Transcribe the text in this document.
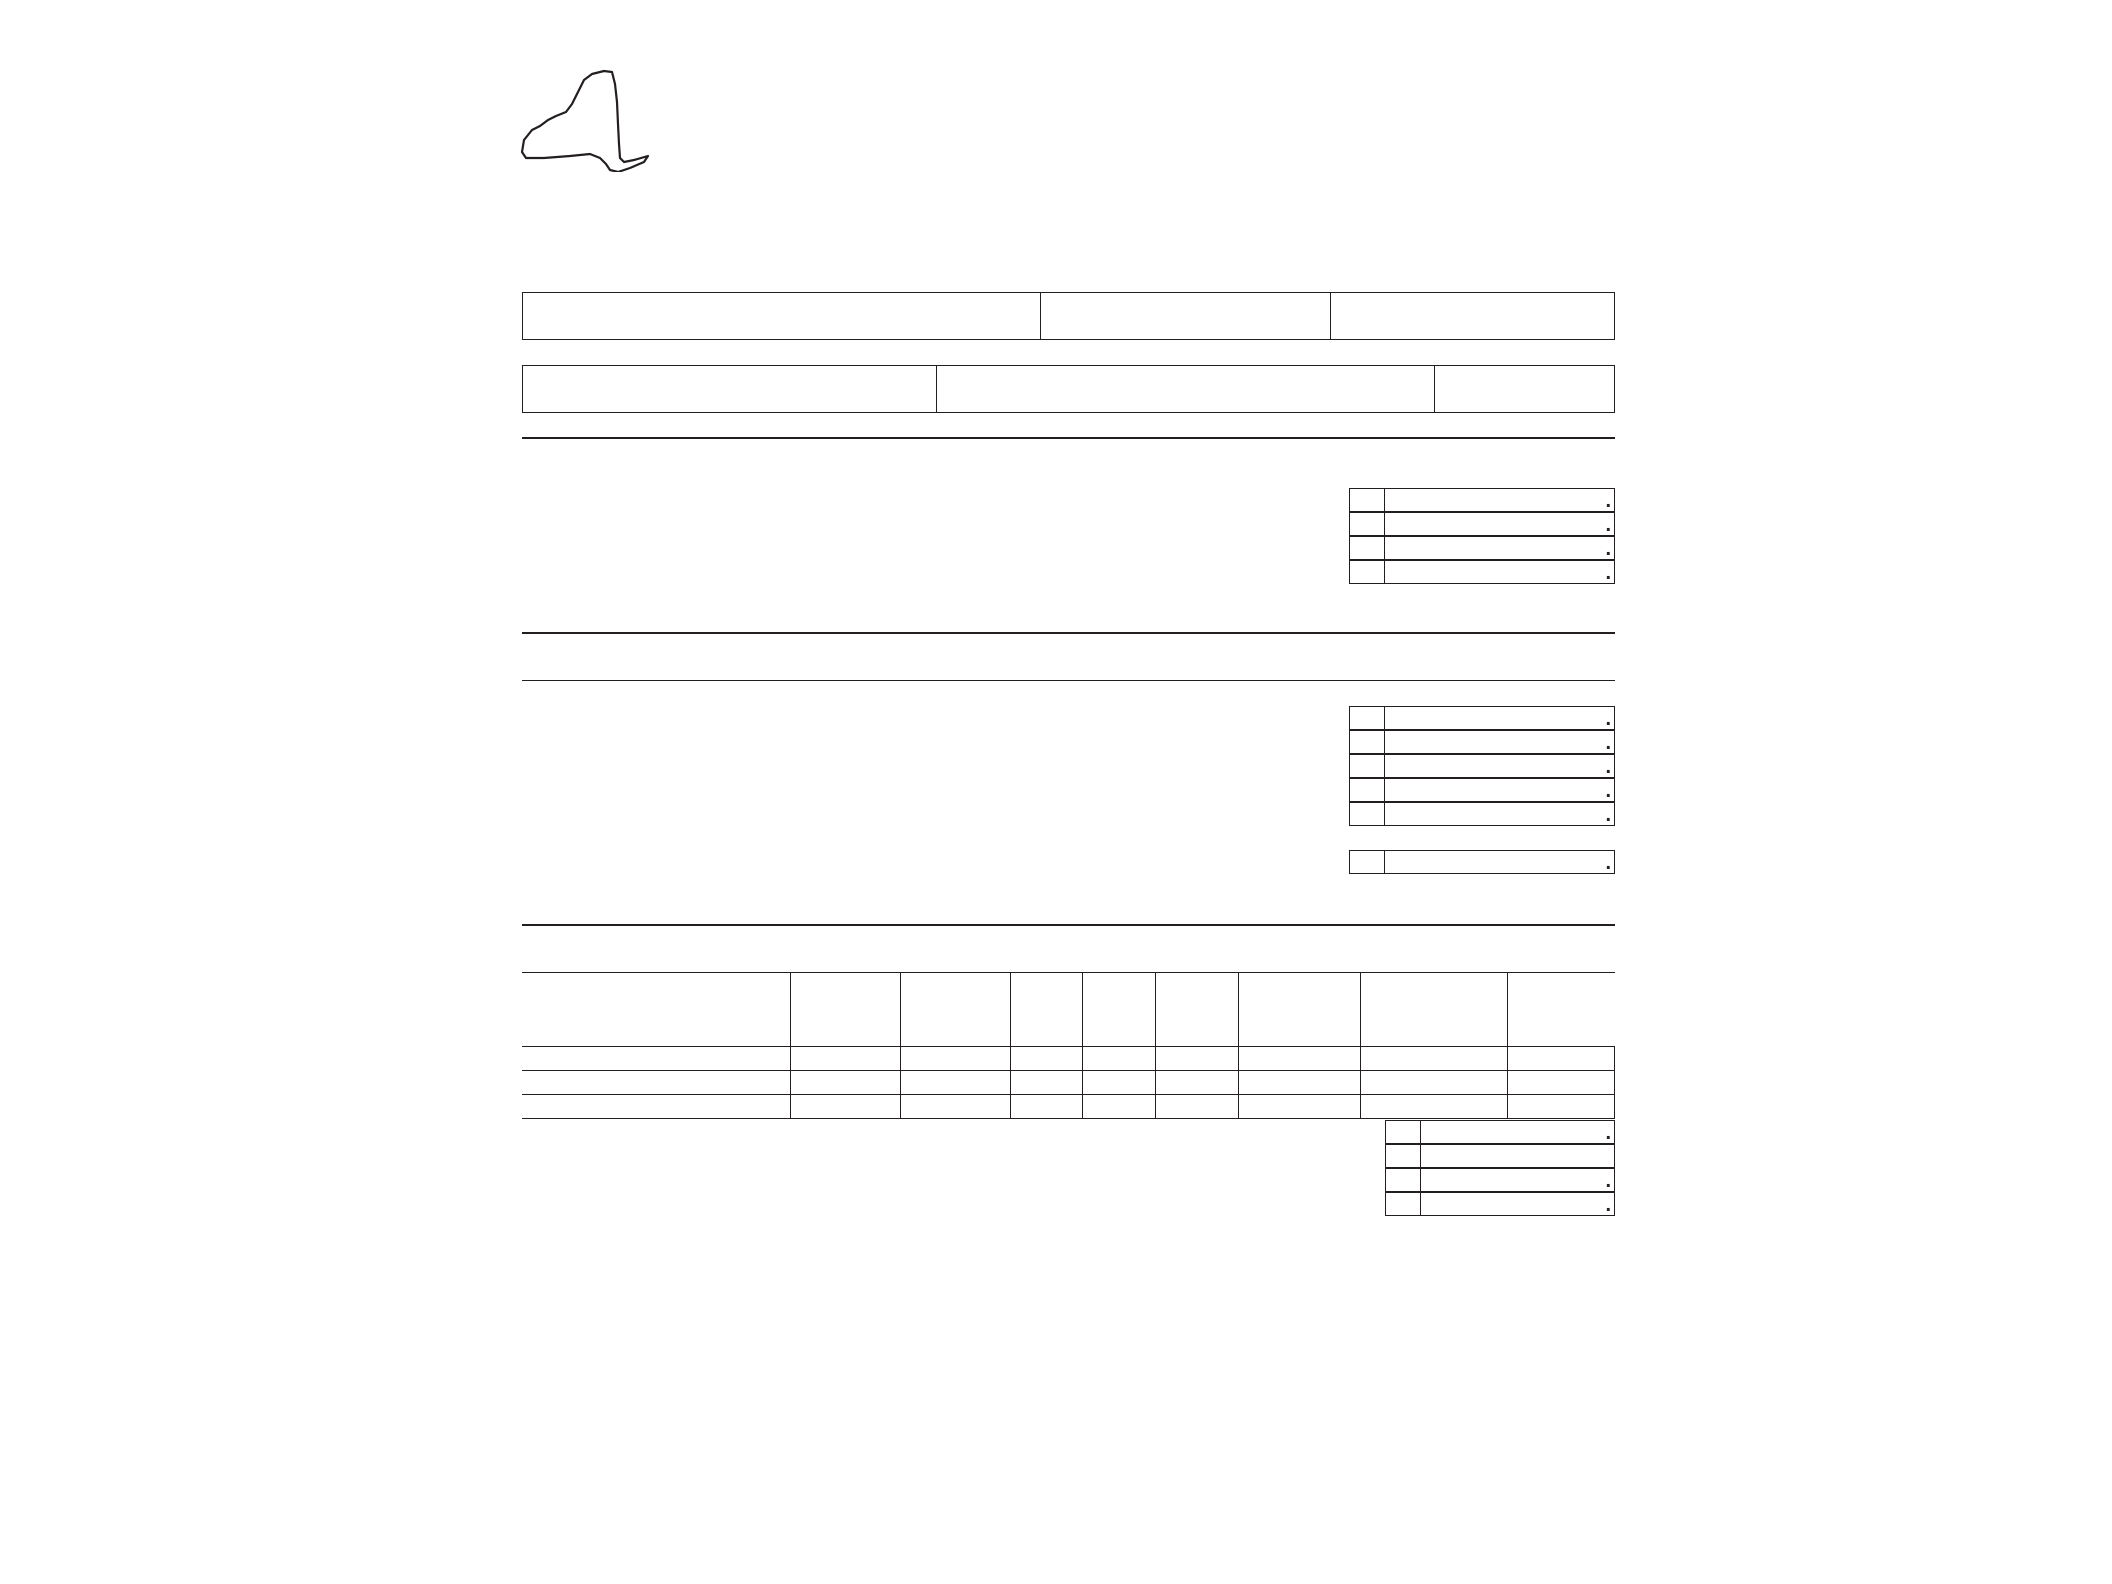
.
.
.
.
.
.
.
.
.
.
.
.
.
